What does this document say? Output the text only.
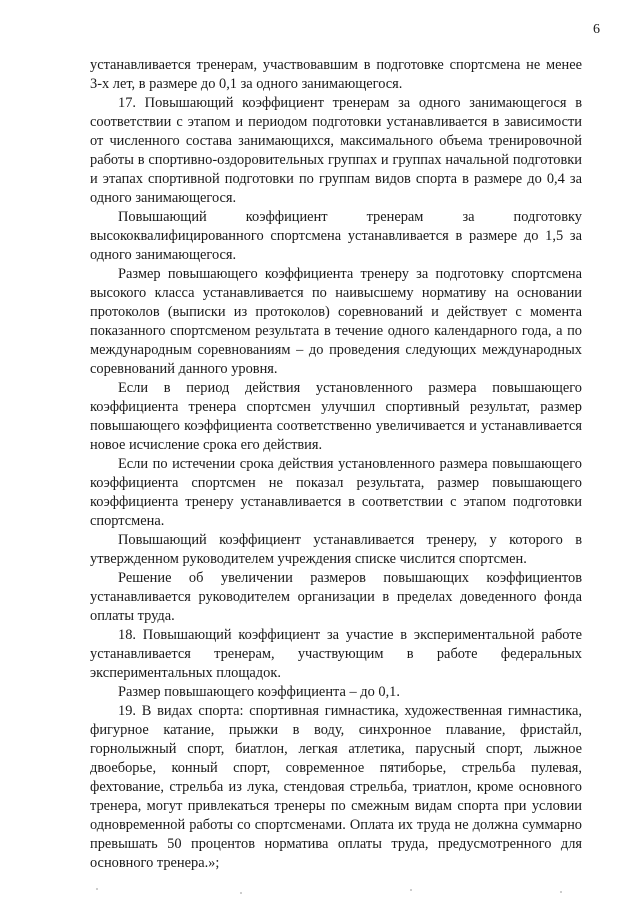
6

устанавливается тренерам, участвовавшим в подготовке спортсмена не менее 3-х лет, в размере до 0,1 за одного занимающегося.

17. Повышающий коэффициент тренерам за одного занимающегося в соответствии с этапом и периодом подготовки устанавливается в зависимости от численного состава занимающихся, максимального объема тренировочной работы в спортивно-оздоровительных группах и группах начальной подготовки и этапах спортивной подготовки по группам видов спорта в размере до 0,4 за одного занимающегося.

Повышающий коэффициент тренерам за подготовку высококвалифицированного спортсмена устанавливается в размере до 1,5 за одного занимающегося.

Размер повышающего коэффициента тренеру за подготовку спортсмена высокого класса устанавливается по наивысшему нормативу на основании протоколов (выписки из протоколов) соревнований и действует с момента показанного спортсменом результата в течение одного календарного года, а по международным соревнованиям – до проведения следующих международных соревнований данного уровня.

Если в период действия установленного размера повышающего коэффициента тренера спортсмен улучшил спортивный результат, размер повышающего коэффициента соответственно увеличивается и устанавливается новое исчисление срока его действия.

Если по истечении срока действия установленного размера повышающего коэффициента спортсмен не показал результата, размер повышающего коэффициента тренеру устанавливается в соответствии с этапом подготовки спортсмена.

Повышающий коэффициент устанавливается тренеру, у которого в утвержденном руководителем учреждения списке числится спортсмен.

Решение об увеличении размеров повышающих коэффициентов устанавливается руководителем организации в пределах доведенного фонда оплаты труда.

18. Повышающий коэффициент за участие в экспериментальной работе устанавливается тренерам, участвующим в работе федеральных экспериментальных площадок.

Размер повышающего коэффициента – до 0,1.

19. В видах спорта: спортивная гимнастика, художественная гимнастика, фигурное катание, прыжки в воду, синхронное плавание, фристайл, горнолыжный спорт, биатлон, легкая атлетика, парусный спорт, лыжное двоеборье, конный спорт, современное пятиборье, стрельба пулевая, фехтование, стрельба из лука, стендовая стрельба, триатлон, кроме основного тренера, могут привлекаться тренеры по смежным видам спорта при условии одновременной работы со спортсменами. Оплата их труда не должна суммарно превышать 50 процентов норматива оплаты труда, предусмотренного для основного тренера.»;
